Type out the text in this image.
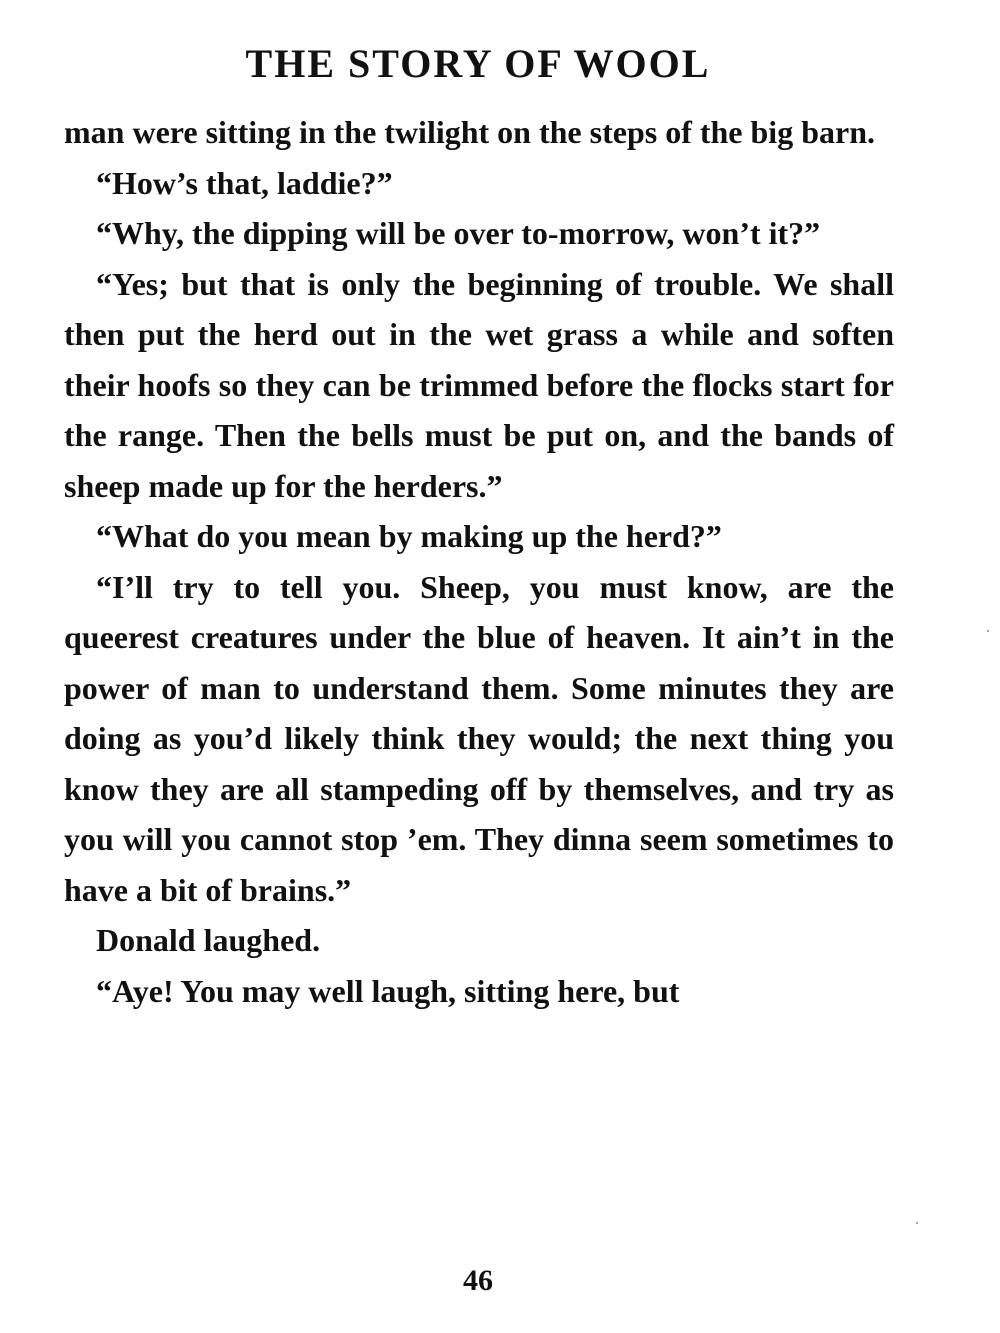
THE STORY OF WOOL

man were sitting in the twilight on the steps of the big barn.

“How’s that, laddie?”

“Why, the dipping will be over to-morrow, won’t it?”

“Yes; but that is only the beginning of trouble. We shall then put the herd out in the wet grass a while and soften their hoofs so they can be trimmed before the flocks start for the range. Then the bells must be put on, and the bands of sheep made up for the herders.”

“What do you mean by making up the herd?”

“I’ll try to tell you. Sheep, you must know, are the queerest creatures under the blue of heaven. It ain’t in the power of man to understand them. Some minutes they are doing as you’d likely think they would; the next thing you know they are all stampeding off by themselves, and try as you will you cannot stop ’em. They dinna seem sometimes to have a bit of brains.”

Donald laughed.

“Aye! You may well laugh, sitting here, but

46
